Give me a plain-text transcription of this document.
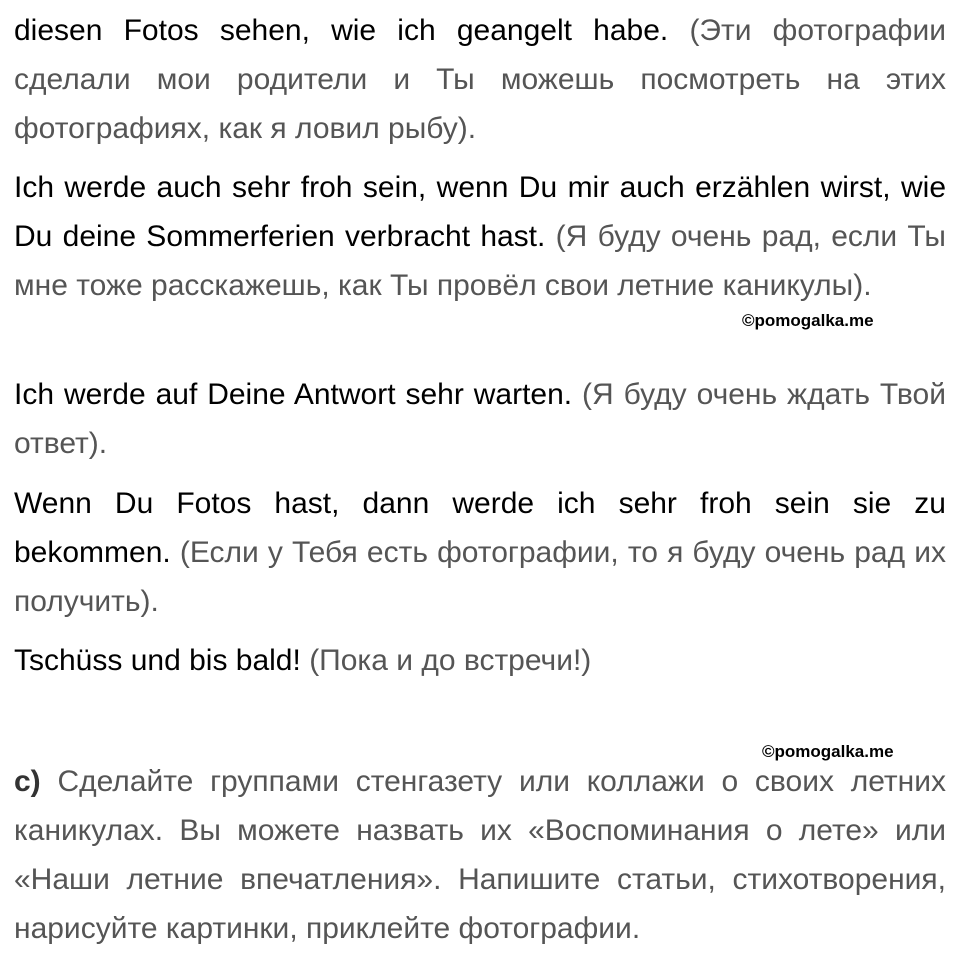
diesen Fotos sehen, wie ich geangelt habe. (Эти фотографии сделали мои родители и Ты можешь посмотреть на этих фотографиях, как я ловил рыбу).

Ich werde auch sehr froh sein, wenn Du mir auch erzählen wirst, wie Du deine Sommerferien verbracht hast. (Я буду очень рад, если Ты мне тоже расскажешь, как Ты провёл свои летние каникулы).

Ich werde auf Deine Antwort sehr warten. (Я буду очень ждать Твой ответ).

Wenn Du Fotos hast, dann werde ich sehr froh sein sie zu bekommen. (Если у Тебя есть фотографии, то я буду очень рад их получить).

Tschüss und bis bald! (Пока и до встречи!)

c) Сделайте группами стенгазету или коллажи о своих летних каникулах. Вы можете назвать их «Воспоминания о лете» или «Наши летние впечатления». Напишите статьи, стихотворения, нарисуйте картинки, приклейте фотографии.

©pomogalka.me
©pomogalka.me
